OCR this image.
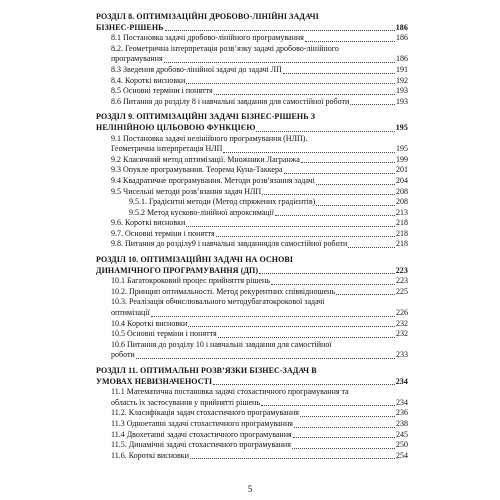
РОЗДІЛ 8. ОПТИМІЗАЦІЙНІ ДРОБОВО-ЛІНІЙНІ ЗАДАЧІ
БІЗНЕС-РІШЕНЬ	186
8.1 Постановка задачі дробово-лінійного програмування	186
8.2. Геометрична інтерпретація розв’язку задачі дробово-лінійного
програмування	186
8.3 Зведення дробово-лінійної задачі до задачі ЛП	191
8.4. Короткі висновки	192
8.5 Основні терміни і поняття	193
8.6 Питання до розділу 8 і навчальні завдання для самостійної роботи	193
РОЗДІЛ 9. ОПТИМІЗАЦІЙНІ ЗАДАЧІ БІЗНЕС-РІШЕНЬ З
НЕЛІНІЙНОЮ ЦІЛЬОВОЮ ФУНКЦІЄЮ	195
9.1 Постановка задачі нелінійного програмування (НЛП).
Геометрична інтерпретація НЛП	195
9.2 Класичний метод оптимізації. Множники Лагранжа	199
9.3 Опукле програмування. Теорема Куна-Таккера	201
9.4 Квадратичне програмування. Методи розв’язання задачі	204
9.5 Чисельні методи розв’язання задач НЛП	208
9.5.1. Градієнтні методи (Метод спряжених градієнтів)	208
9.5.2 Метод кусково-лінійної апроксимації	213
9.6. Короткі висновки	218
9.7. Основні терміни і поняття	218
9.8. Питання до розділу9 і навчальні завданнядля самостійної роботи	218
РОЗДІЛ 10. ОПТИМІЗАЦІЙНІ ЗАДАЧІ НА ОСНОВІ
ДИНАМІЧНОГО ПРОГРАМУВАННЯ (ДП)	223
10.1 Багатокроковий процес прийняття рішень	223
10.2. Принцип оптимальності. Метод рекурентних співвідношень	225
10.3. Реалізація обчислювального методубагатокрокової задачі
оптимізації	226
10.4 Короткі висновки	232
10.5 Основні терміни і поняття	232
10.6 Питання до розділу 10 і навчальні завдання для самостійної
роботи	233
РОЗДІЛ 11. ОПТИМАЛЬНІ РОЗВ’ЯЗКИ БІЗНЕС-ЗАДАЧ В
УМОВАХ НЕВИЗНАЧЕНОСТІ	234
11.1 Математична постановка задачі стохастичного програмування та
область їх застосування у прийнятті рішень	234
11.2. Класифікація задач стохастичного програмування	236
11.3 Однoетапні задачі стохастичного програмування	238
11.4 Двохетапні задачі стохастичного програмування	245
11.5. Динамічні задачі стохастичного програмування	250
11.6. Короткі висновки	254
5
